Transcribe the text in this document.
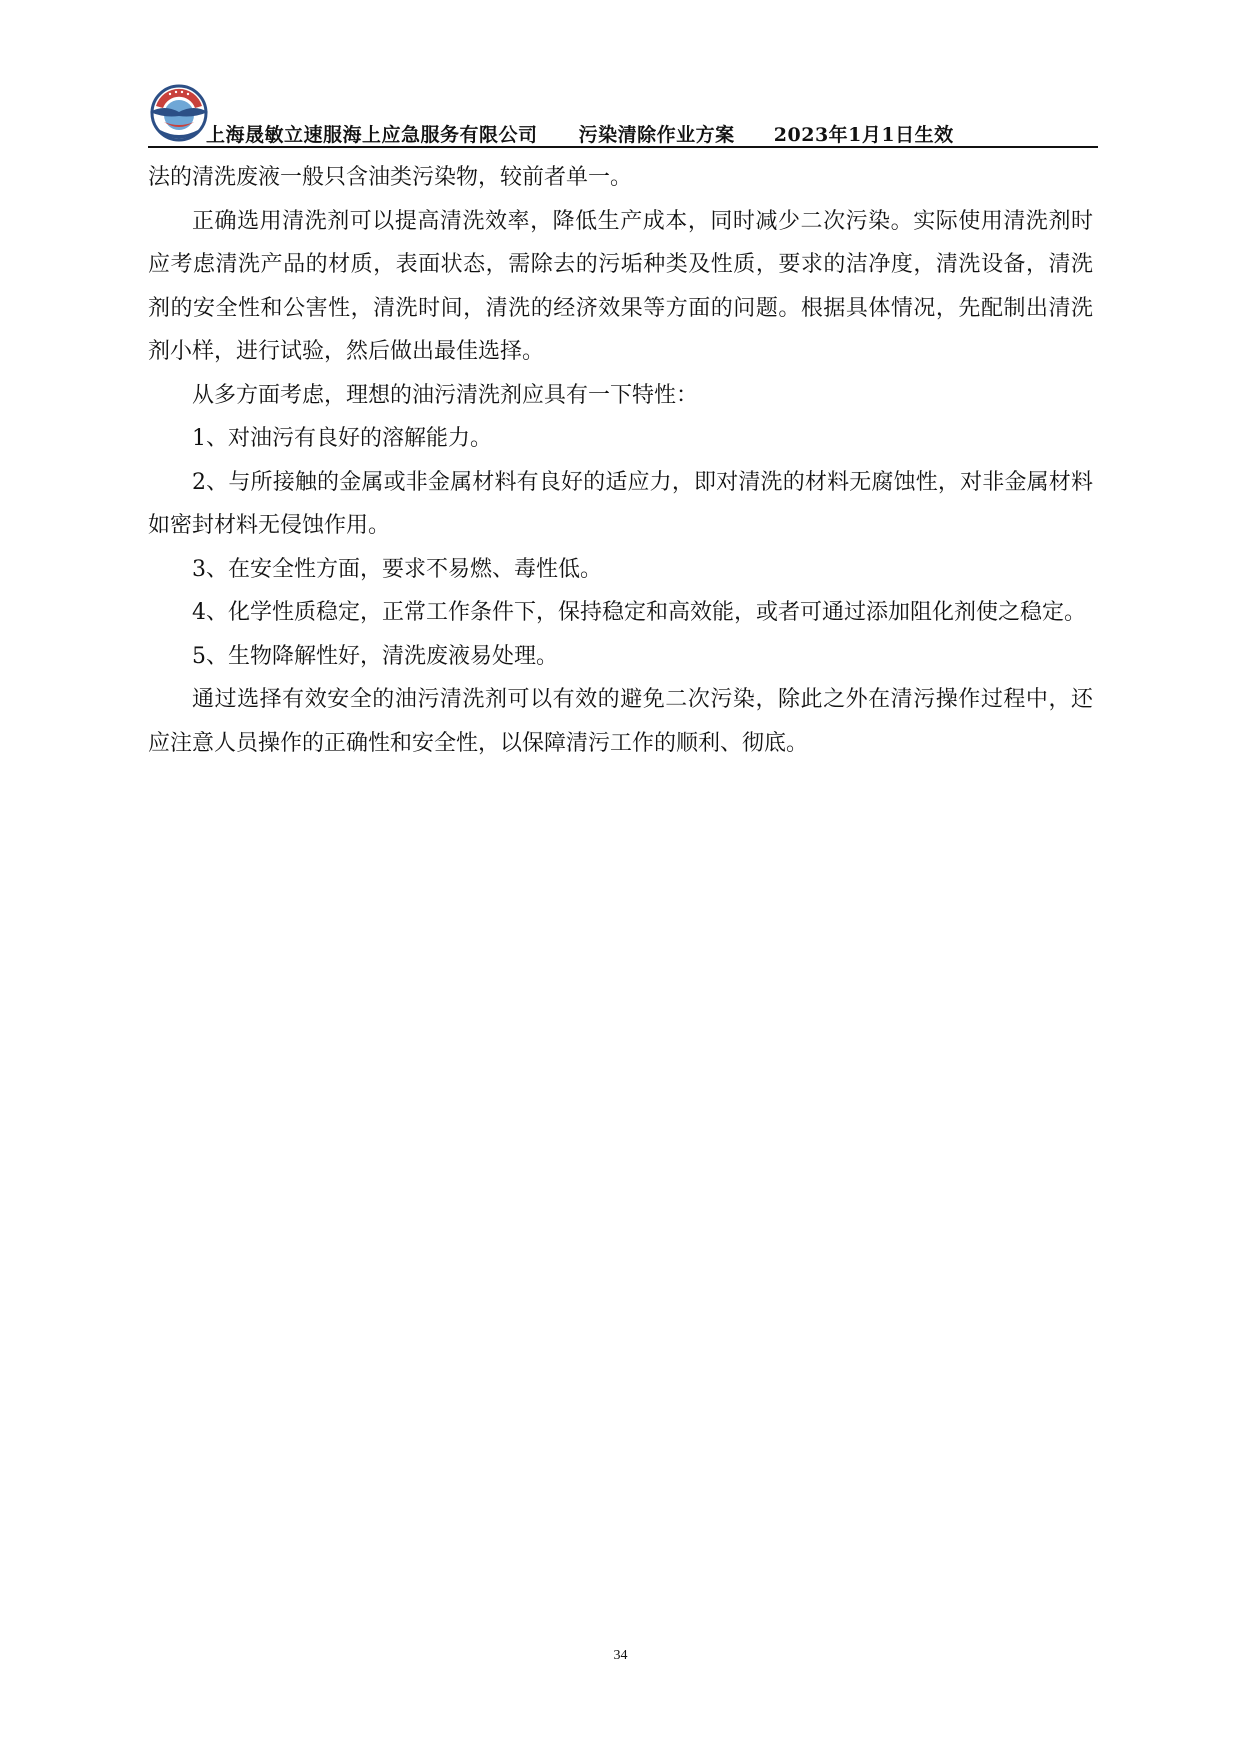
上海晟敏立速服海上应急服务有限公司 污染清除作业方案 2023年1月1日生效

法的清洗废液一般只含油类污染物，较前者单一。

正确选用清洗剂可以提高清洗效率，降低生产成本，同时减少二次污染。实际使用清洗剂时应考虑清洗产品的材质，表面状态，需除去的污垢种类及性质，要求的洁净度，清洗设备，清洗剂的安全性和公害性，清洗时间，清洗的经济效果等方面的问题。根据具体情况，先配制出清洗剂小样，进行试验，然后做出最佳选择。

从多方面考虑，理想的油污清洗剂应具有一下特性：

1、对油污有良好的溶解能力。

2、与所接触的金属或非金属材料有良好的适应力，即对清洗的材料无腐蚀性，对非金属材料如密封材料无侵蚀作用。

3、在安全性方面，要求不易燃、毒性低。

4、化学性质稳定，正常工作条件下，保持稳定和高效能，或者可通过添加阻化剂使之稳定。

5、生物降解性好，清洗废液易处理。

通过选择有效安全的油污清洗剂可以有效的避免二次污染，除此之外在清污操作过程中，还应注意人员操作的正确性和安全性，以保障清污工作的顺利、彻底。

34
